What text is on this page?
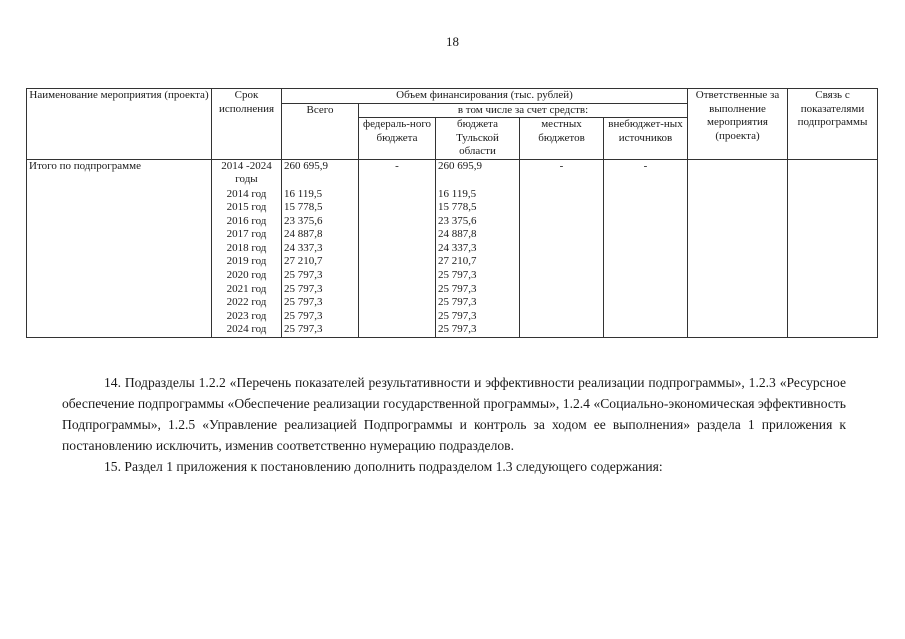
18
Наименование мероприятия (проекта)	Срок исполнения	Объем финансирования (тыс. рублей)					Ответственные за выполнение мероприятия (проекта)	Связь с показателями подпрограммы
		Всего	в том числе за счет средств:					
			федераль-ного бюджета	бюджета Тульской области	местных бюджетов	внебюджет-ных источников		
Итого по подпрограмме	2014 -2024 годы	260 695,9	-	260 695,9	-	-		
	2014 год	16 119,5		16 119,5				
	2015 год	15 778,5		15 778,5				
	2016 год	23 375,6		23 375,6				
	2017 год	24 887,8		24 887,8				
	2018 год	24 337,3		24 337,3				
	2019 год	27 210,7		27 210,7				
	2020 год	25 797,3		25 797,3				
	2021 год	25 797,3		25 797,3				
	2022 год	25 797,3		25 797,3				
	2023 год	25 797,3		25 797,3				
	2024 год	25 797,3		25 797,3				

14. Подразделы 1.2.2 «Перечень показателей результативности и эффективности реализации подпрограммы», 1.2.3 «Ресурсное обеспечение подпрограммы «Обеспечение реализации государственной программы», 1.2.4 «Социально-экономическая эффективность Подпрограммы», 1.2.5 «Управление реализацией Подпрограммы и контроль за ходом ее выполнения» раздела 1 приложения к постановлению исключить, изменив соответственно нумерацию подразделов.

15. Раздел 1 приложения к постановлению дополнить подразделом 1.3 следующего содержания:
